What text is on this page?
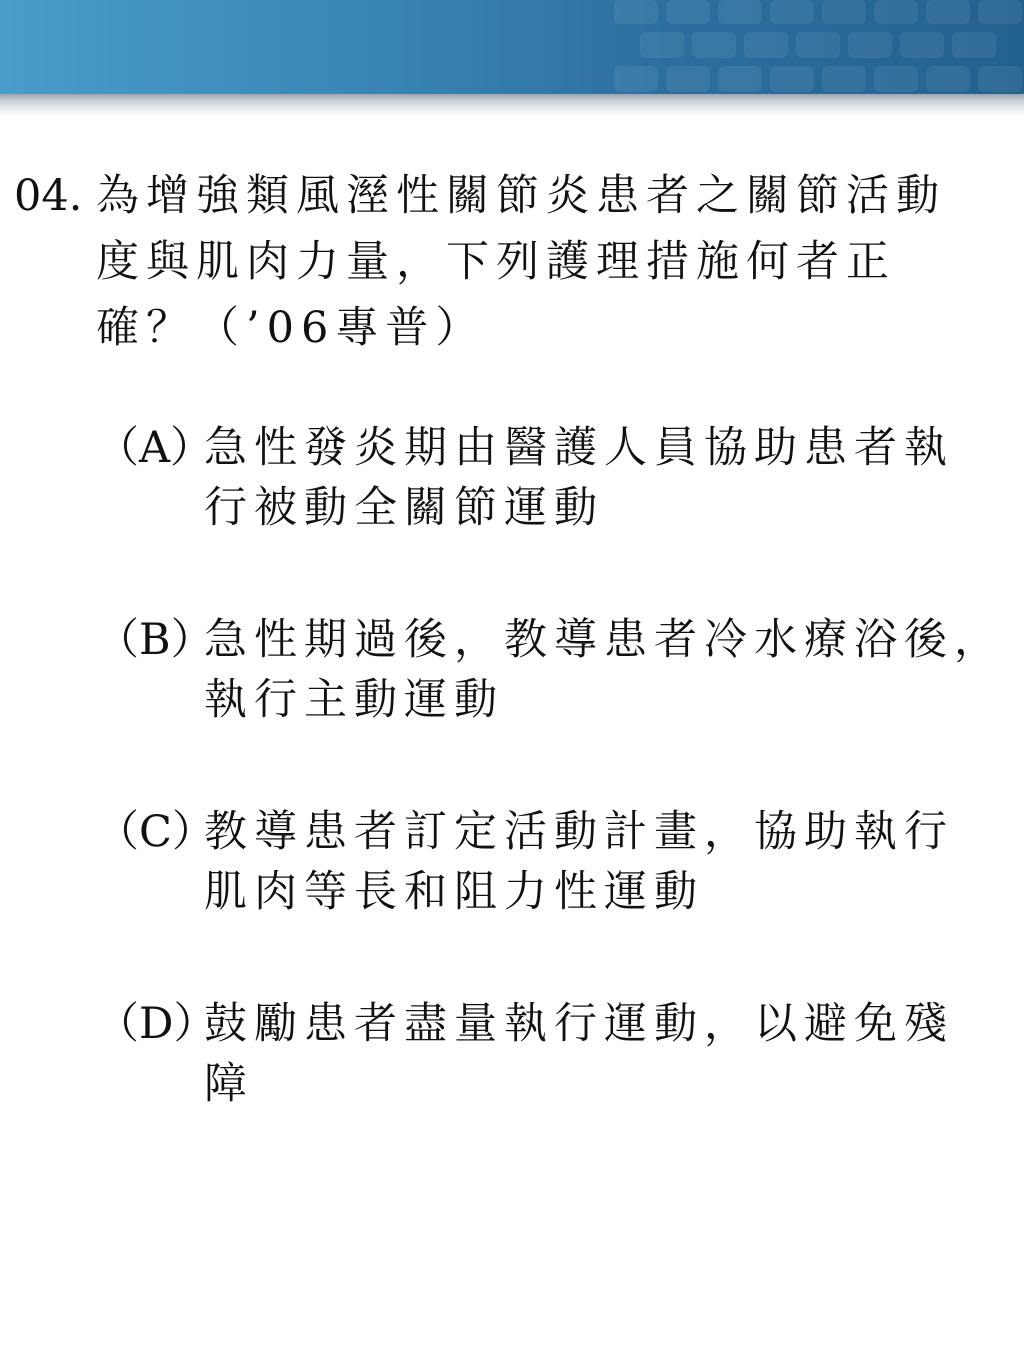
04. 為增強類風溼性關節炎患者之關節活動
度與肌肉力量，下列護理措施何者正
確？（’06專普）
（A）
急性發炎期由醫護人員協助患者執
行被動全關節運動
（B）
急性期過後，教導患者冷水療浴後，
執行主動運動
（C）
教導患者訂定活動計畫，協助執行
肌肉等長和阻力性運動
（D）
鼓勵患者盡量執行運動，以避免殘
障
